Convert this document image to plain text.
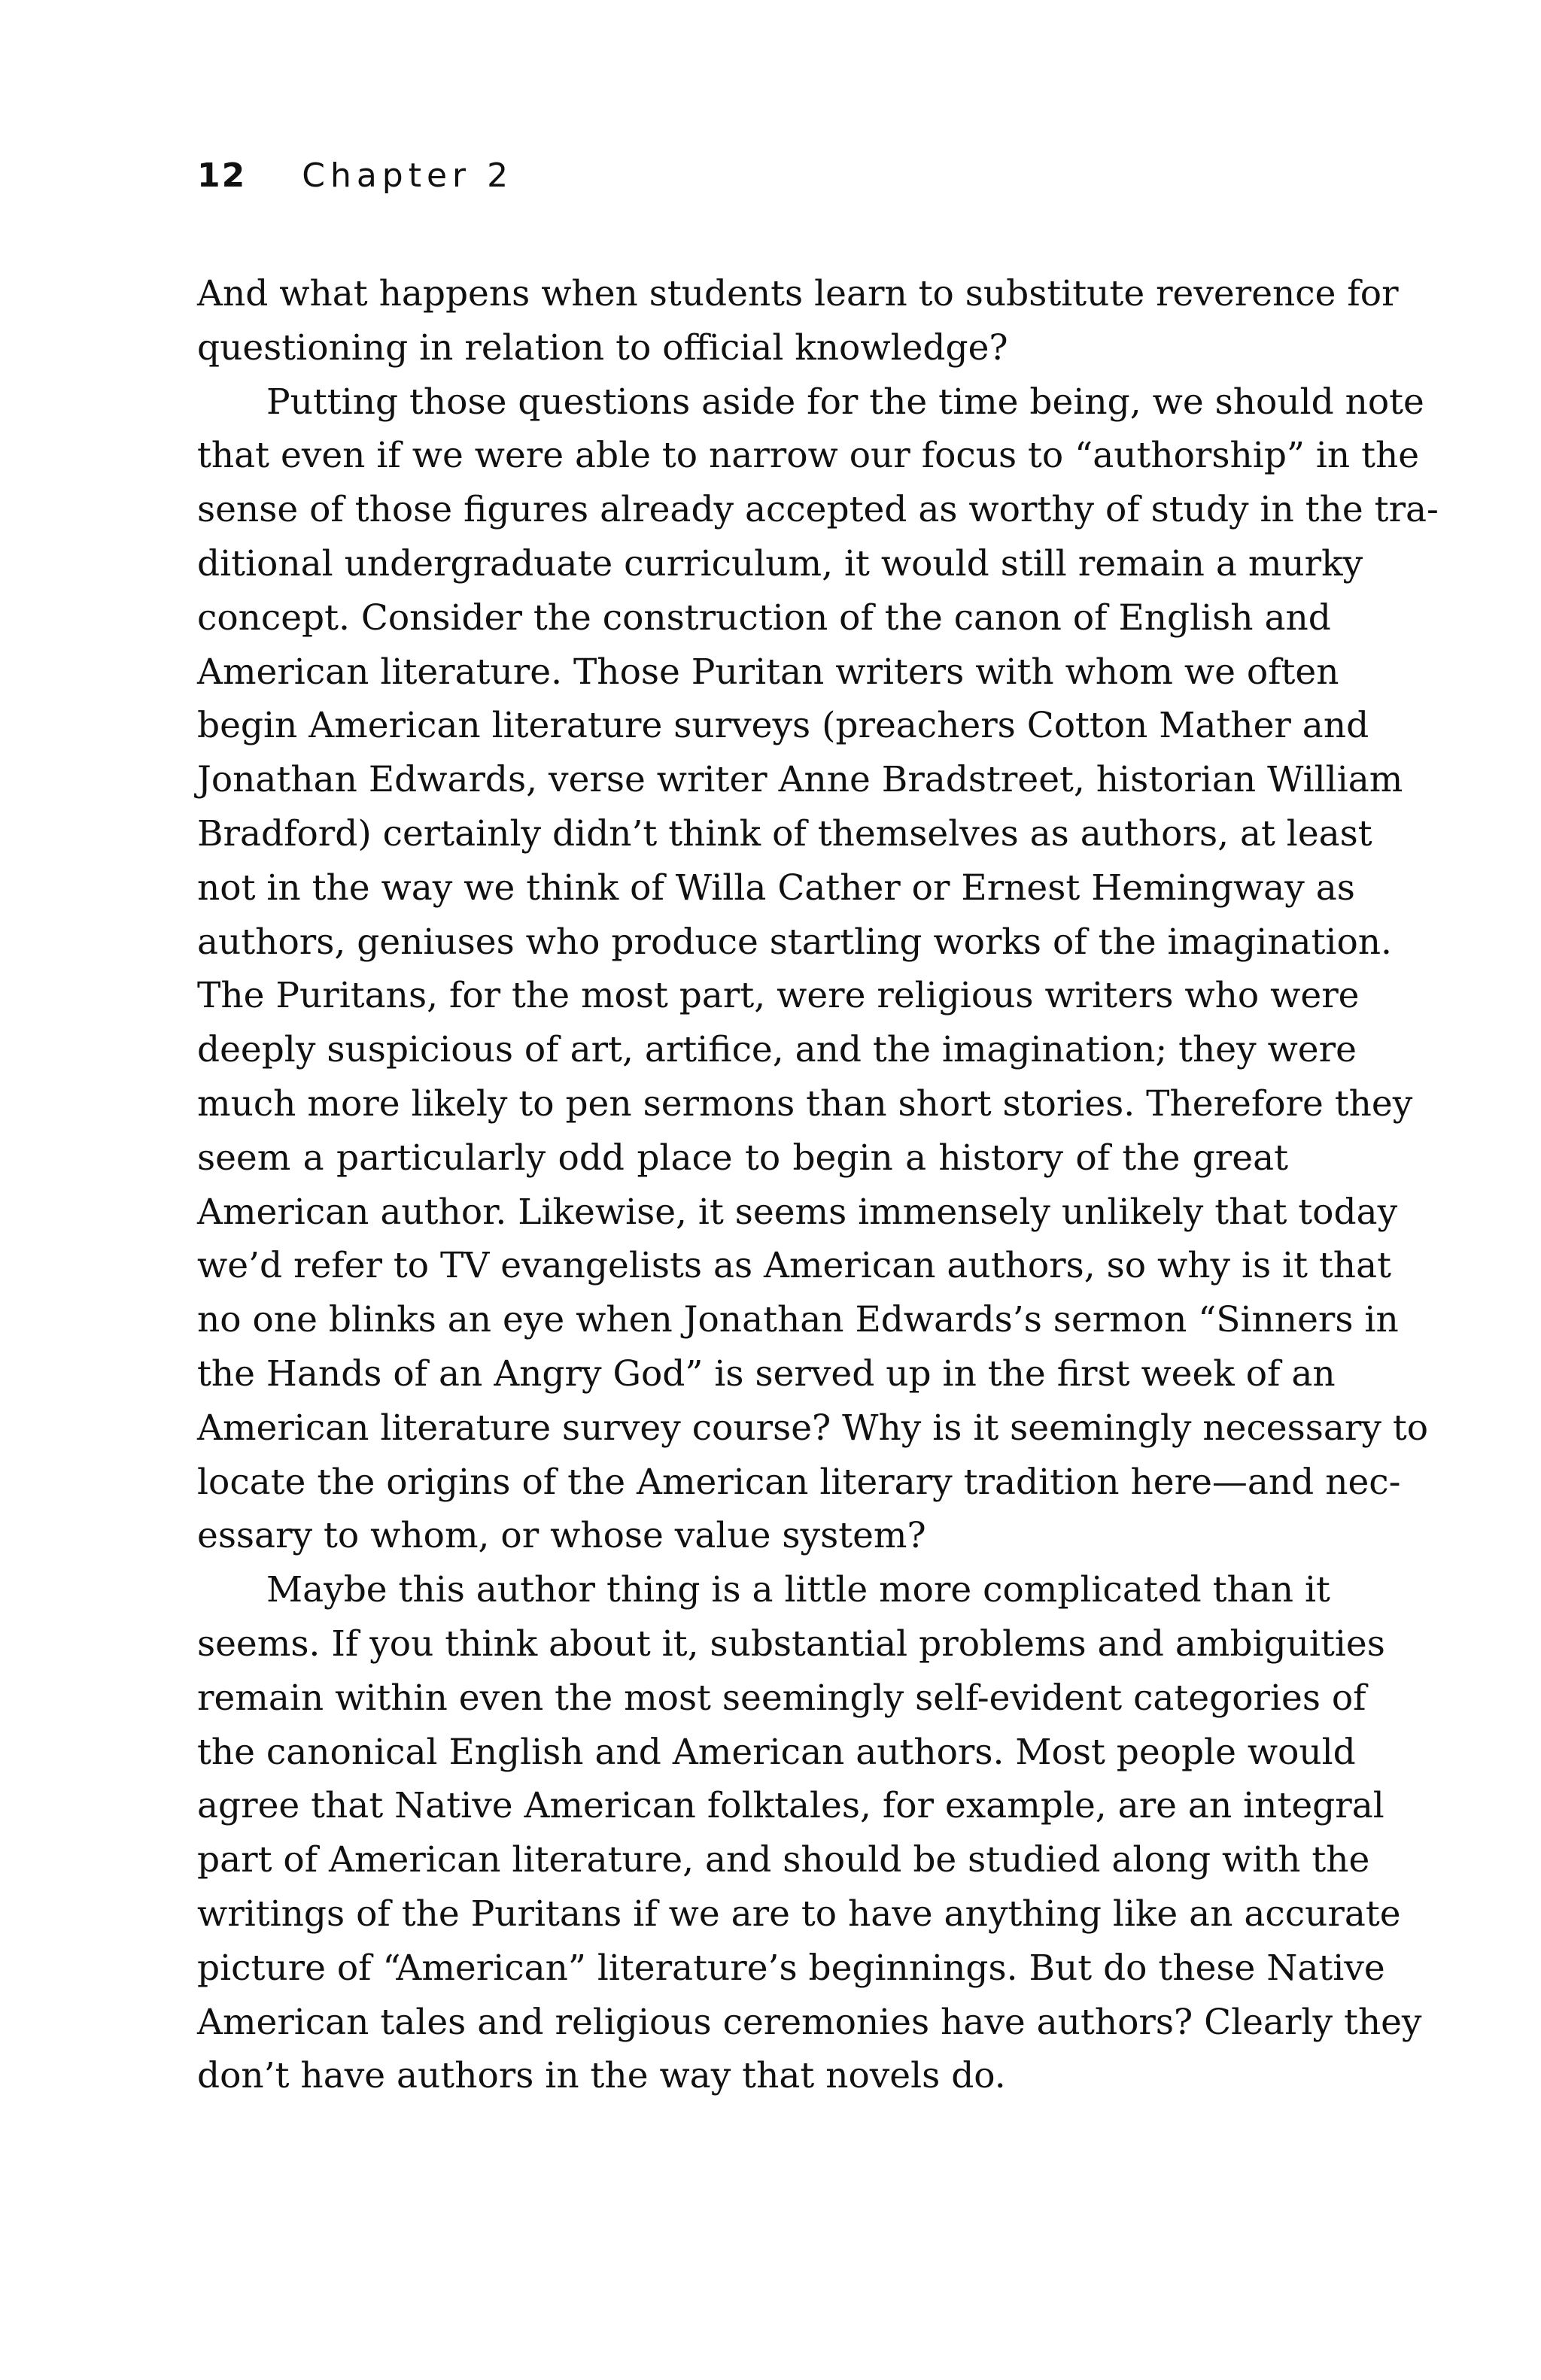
12 Chapter 2
And what happens when students learn to substitute reverence for
questioning in relation to official knowledge?
Putting those questions aside for the time being, we should note
that even if we were able to narrow our focus to “authorship” in the
sense of those figures already accepted as worthy of study in the tra-
ditional undergraduate curriculum, it would still remain a murky
concept. Consider the construction of the canon of English and
American literature. Those Puritan writers with whom we often
begin American literature surveys (preachers Cotton Mather and
Jonathan Edwards, verse writer Anne Bradstreet, historian William
Bradford) certainly didn’t think of themselves as authors, at least
not in the way we think of Willa Cather or Ernest Hemingway as
authors, geniuses who produce startling works of the imagination.
The Puritans, for the most part, were religious writers who were
deeply suspicious of art, artifice, and the imagination; they were
much more likely to pen sermons than short stories. Therefore they
seem a particularly odd place to begin a history of the great
American author. Likewise, it seems immensely unlikely that today
we’d refer to TV evangelists as American authors, so why is it that
no one blinks an eye when Jonathan Edwards’s sermon “Sinners in
the Hands of an Angry God” is served up in the first week of an
American literature survey course? Why is it seemingly necessary to
locate the origins of the American literary tradition here—and nec-
essary to whom, or whose value system?
Maybe this author thing is a little more complicated than it
seems. If you think about it, substantial problems and ambiguities
remain within even the most seemingly self-evident categories of
the canonical English and American authors. Most people would
agree that Native American folktales, for example, are an integral
part of American literature, and should be studied along with the
writings of the Puritans if we are to have anything like an accurate
picture of “American” literature’s beginnings. But do these Native
American tales and religious ceremonies have authors? Clearly they
don’t have authors in the way that novels do.
